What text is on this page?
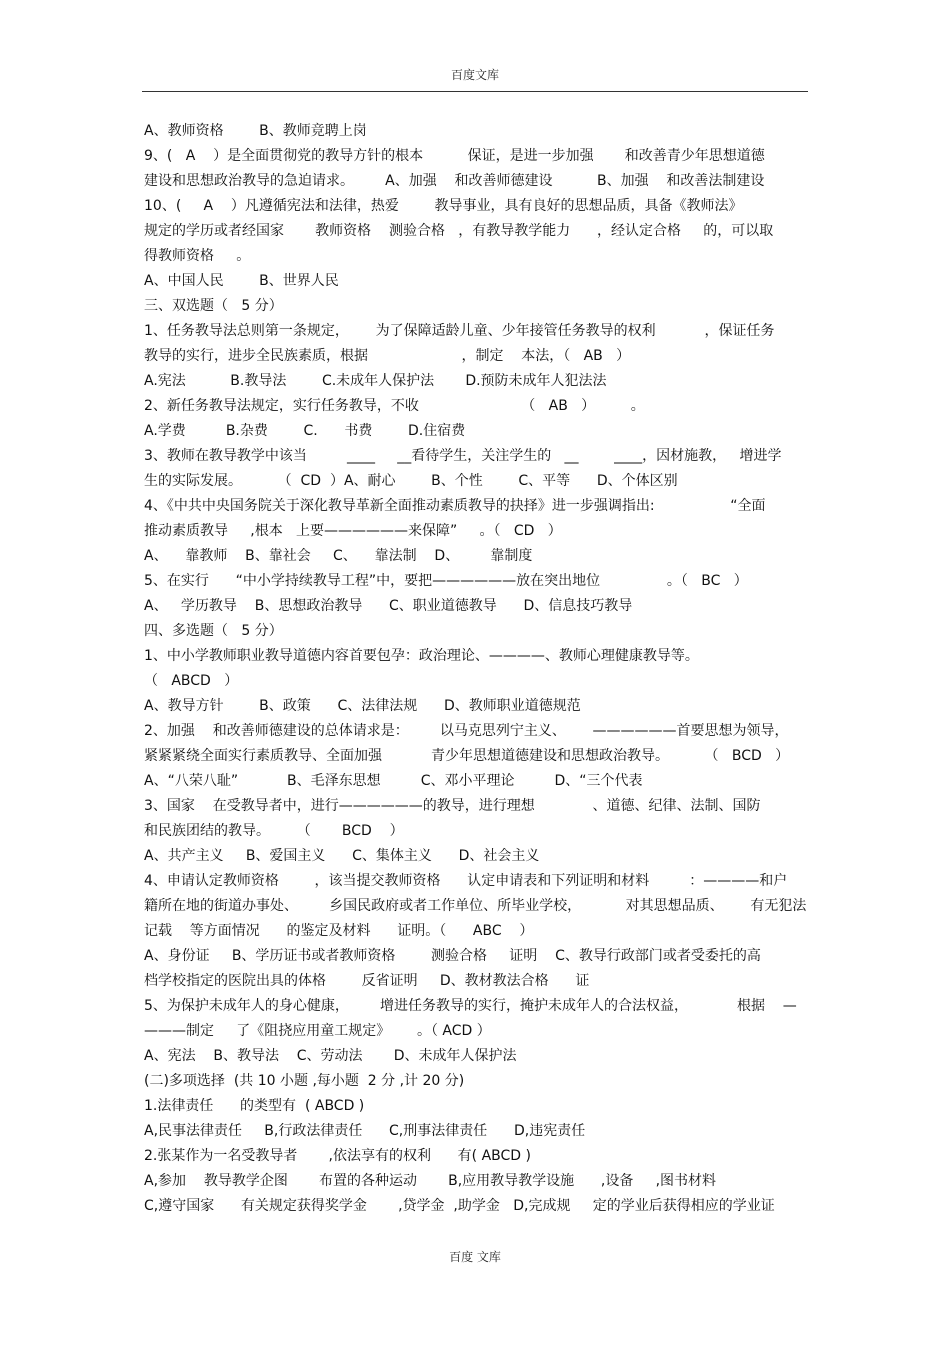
百度文库

A、教师资格        B、教师竞聘上岗

9、(   A    ）是全面贯彻党的教导方针的根本          保证，是进一步加强       和改善青少年思想道德

建设和思想政治教导的急迫请求。       A、加强    和改善师德建设          B、加强    和改善法制建设

10、(     A    ）凡遵循宪法和法律，热爱        教导事业，具有良好的思想品质，具备《教师法》

规定的学历或者经国家       教师资格    测验合格   ，有教导教学能力      ，经认定合格     的，可以取

得教师资格     。

A、中国人民        B、世界人民

三、双选题（   5 分）

1、任务教导法总则第一条规定，      为了保障适龄儿童、少年接管任务教导的权利           ，保证任务

教导的实行，进步全民族素质，根据                     ，制定    本法，（   AB   ）

A.宪法          B.教导法        C.未成年人保护法       D.预防未成年人犯法法

2、新任务教导法规定，实行任务教导，不收                       （   AB   ）        。

A.学费         B.杂费        C.      书费        D.住宿费

3、教师在教导教学中该当         ____     __看待学生，关注学生的   __        ____，因材施教，   增进学

生的实际发展。        （  CD  ）A、耐心        B、个性        C、平等      D、个体区别

4、《中共中央国务院关于深化教导革新全面推动素质教导的抉择》进一步强调指出:                 “全面

推动素质教导     ,根本   上要——————来保障”     。（   CD   ）

A、    靠教师    B、靠社会     C、    靠法制    D、       靠制度

5、在实行      “中小学持续教导工程”中，要把——————放在突出地位               。（   BC   ）

A、   学历教导    B、思想政治教导      C、职业道德教导      D、信息技巧教导

四、多选题（   5 分）

1、中小学教师职业教导道德内容首要包孕：政治理论、————、教师心理健康教导等。

（   ABCD   ）

A、教导方针        B、政策      C、法律法规      D、教师职业道德规范

2、加强    和改善师德建设的总体请求是：       以马克思列宁主义、      ——————首要思想为领导，

紧紧紧绕全面实行素质教导、全面加强           青少年思想道德建设和思想政治教导。        （   BCD   ）

A、“八荣八耻”           B、毛泽东思想         C、邓小平理论         D、“三个代表

3、国家    在受教导者中，进行——————的教导，进行理想             、道德、纪律、法制、国防

和民族团结的教导。      （       BCD    ）

A、共产主义     B、爱国主义      C、集体主义      D、社会主义

4、申请认定教师资格        ，该当提交教师资格      认定申请表和下列证明和材料         ：————和户

籍所在地的街道办事处、       乡国民政府或者工作单位、所毕业学校，          对其思想品质、      有无犯法

记载    等方面情况      的鉴定及材料      证明。（      ABC    ）

A、身份证     B、学历证书或者教师资格        测验合格     证明    C、教导行政部门或者受委托的高

档学校指定的医院出具的体格        反省证明     D、教材教法合格      证

5、为保护未成年人的身心健康，       增进任务教导的实行，掩护未成年人的合法权益，           根据    —

———制定     了《阻挠应用童工规定》      。（ ACD ）

A、宪法    B、教导法    C、劳动法       D、未成年人保护法

(二)多项选择  (共 10 小题 ,每小题  2 分 ,计 20 分)

1.法律责任      的类型有  ( ABCD )

A,民事法律责任     B,行政法律责任      C,刑事法律责任      D,违宪责任

2.张某作为一名受教导者       ,依法享有的权利      有( ABCD )

A,参加    教导教学企图       布置的各种运动       B,应用教导教学设施      ,设备     ,图书材料

C,遵守国家      有关规定获得奖学金       ,贷学金  ,助学金   D,完成规     定的学业后获得相应的学业证

百度 文库
